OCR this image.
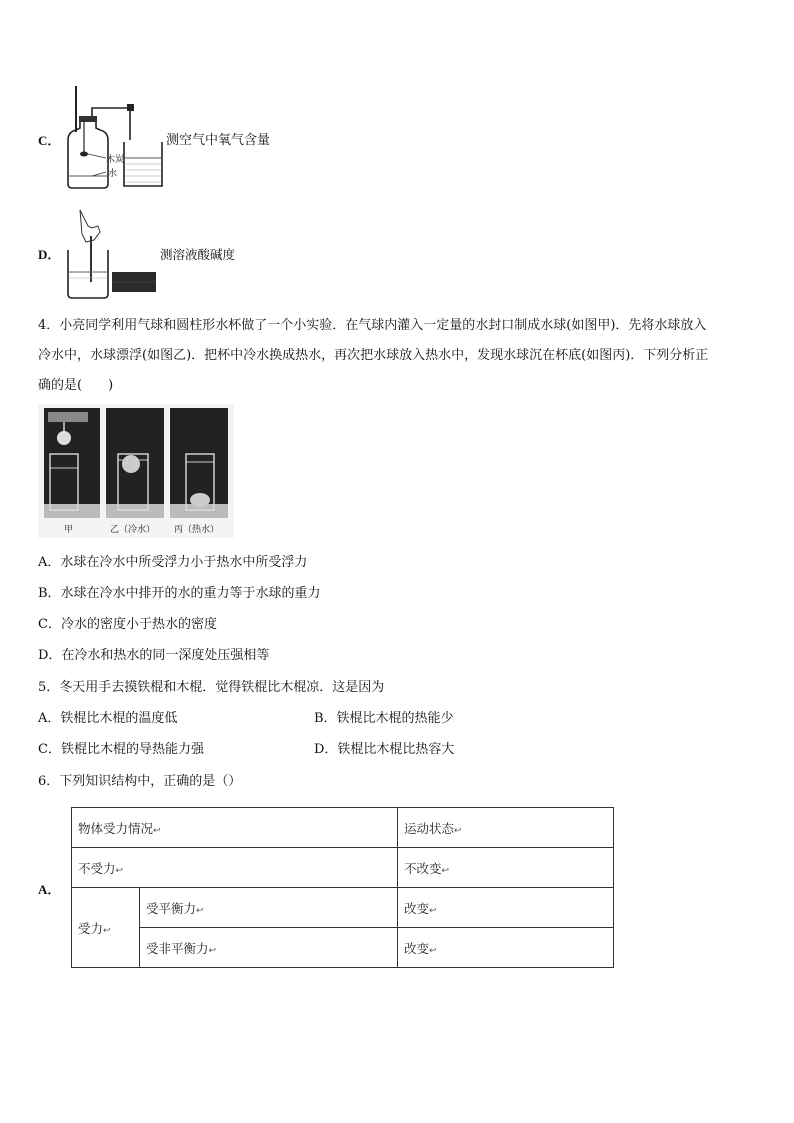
C．
木炭
水
测空气中氧气含量
D．	测溶液酸碱度
4．小亮同学利用气球和圆柱形水杯做了一个小实验．在气球内灌入一定量的水封口制成水球(如图甲)．先将水球放入
冷水中，水球漂浮(如图乙)．把杯中冷水换成热水，再次把水球放入热水中，发现水球沉在杯底(如图丙)．下列分析正
确的是(　　)
甲	乙（冷水） 丙（热水）
A．水球在冷水中所受浮力小于热水中所受浮力
B．水球在冷水中排开的水的重力等于水球的重力
C．冷水的密度小于热水的密度
D．在冷水和热水的同一深度处压强相等
5．冬天用手去摸铁棍和木棍．觉得铁棍比木棍凉．这是因为
A．铁棍比木棍的温度低	B．铁棍比木棍的热能少
C．铁棍比木棍的导热能力强	D．铁棍比木棍比热容大
6．下列知识结构中，正确的是（）
A．
物体受力情况↩		运动状态↩
不受力↩		不改变↩
受力↩	受平衡力↩	改变↩
	受非平衡力↩	改变↩
